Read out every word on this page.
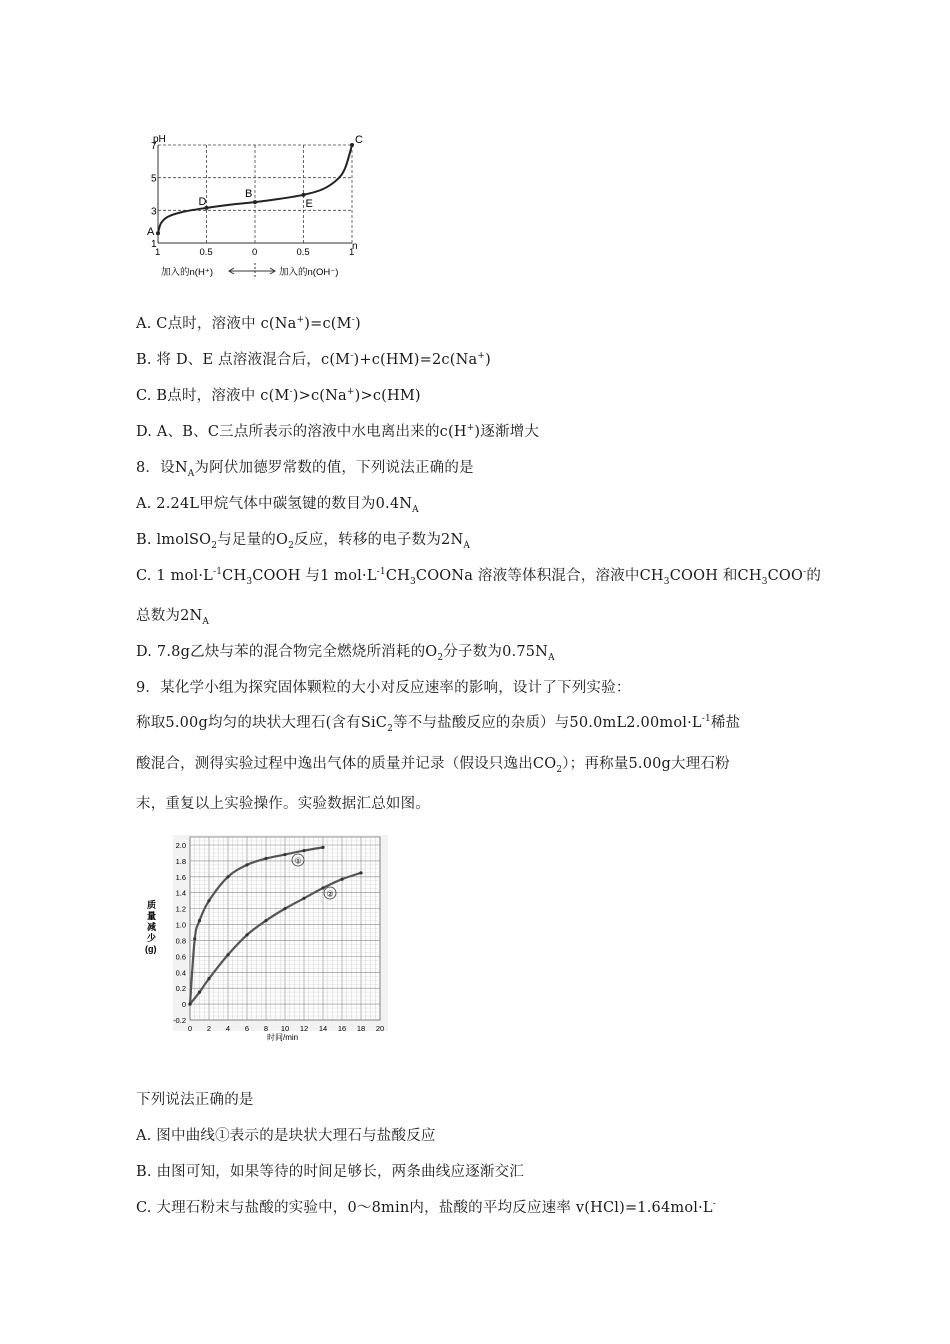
7
5
3
1
1	0.5	0	0.5	1
A
D
B
E
C
pH
n
加入的n(H⁺)	加入的n(OH⁻)
A. C点时，溶液中 c(Na+)=c(M-)
B. 将 D、E 点溶液混合后，c(M-)+c(HM)=2c(Na+)
C. B点时，溶液中 c(M-)>c(Na+)>c(HM)
D. A、B、C三点所表示的溶液中水电离出来的c(H+)逐渐增大
8．设$N_A$为阿伏加德罗常数的值，下列说法正确的是
A. 2.24L甲烷气体中碳氢键的数目为$0.4N_A$
B. lmolSO$_2$与足量的$O_2$反应，转移的电子数为$2N_A$
C. 1 $mol\cdot L^{-1}CH_3COOH$ 与1 $mol\cdot L^{-1}CH_3COONa$ 溶液等体积混合，溶液中$CH_3COOH$ 和$CH_3COO^-$的
总数为$2N_A$
D. 7.8g乙炔与苯的混合物完全燃烧所消耗的$O_2$分子数为$0.75N_A$
9．某化学小组为探究固体颗粒的大小对反应速率的影响，设计了下列实验：
称取5.00g均匀的块状大理石(含有SiC$_2$等不与盐酸反应的杂质）与$50.0mL2.00mol\cdot L^{-1}$稀盐
酸混合，测得实验过程中逸出气体的质量并记录（假设只逸出$CO_2$）；再称量5.00g大理石粉
末，重复以上实验操作。实验数据汇总如图。
2.0
1.8
1.6
1.4
1.2
1.0
0.8
0.6
0.4
0.2
0
-0.2
0 2 4 6 8 10 12 14 16 18 20
质
量
减
少
(g)
时间/min
①
②
下列说法正确的是
A. 图中曲线①表示的是块状大理石与盐酸反应
B. 由图可知，如果等待的时间足够长，两条曲线应逐渐交汇
C. 大理石粉末与盐酸的实验中，0～8min内，盐酸的平均反应速率 v(HCl)=1.64mol·L-
